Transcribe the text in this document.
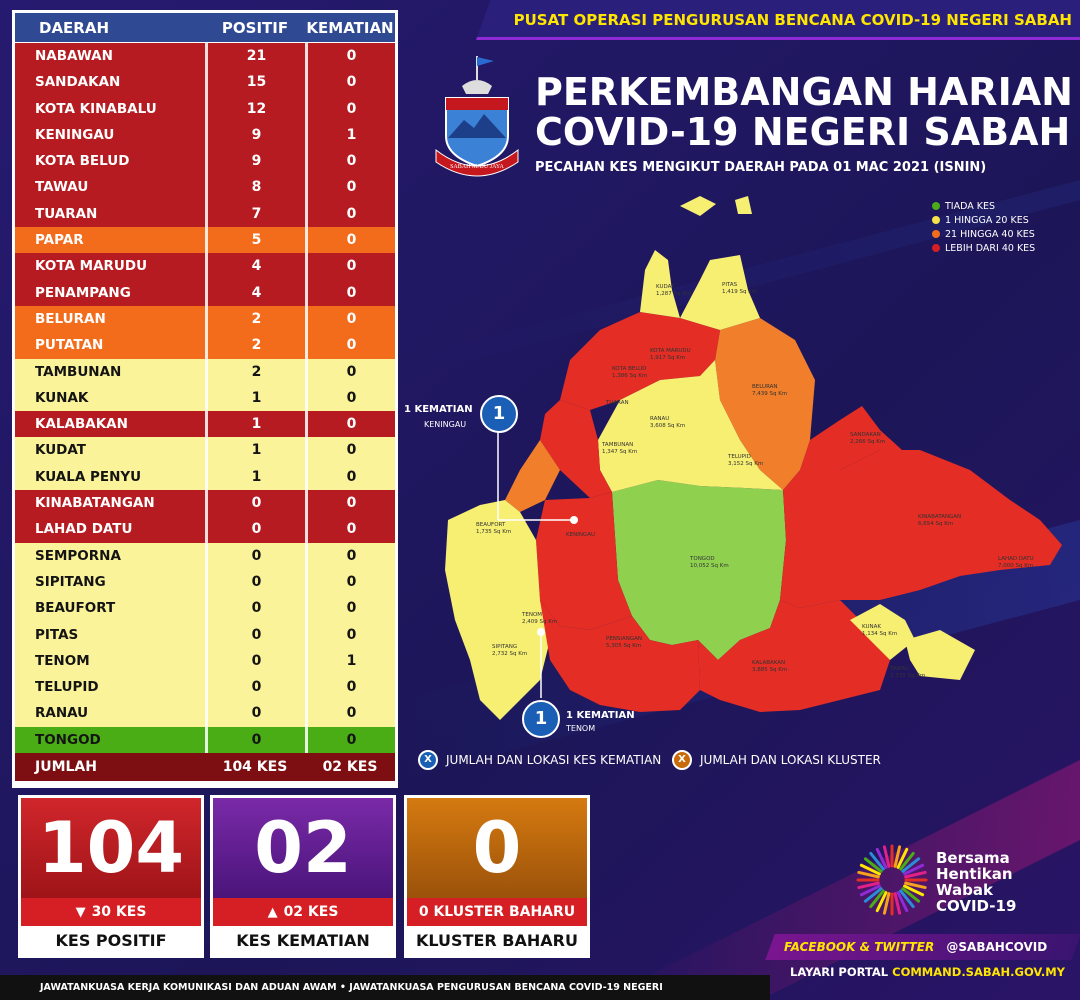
DAERAH	POSITIF	KEMATIAN
NABAWAN	21	0
SANDAKAN	15	0
KOTA KINABALU	12	0
KENINGAU	9	1
KOTA BELUD	9	0
TAWAU	8	0
TUARAN	7	0
PAPAR	5	0
KOTA MARUDU	4	0
PENAMPANG	4	0
BELURAN	2	0
PUTATAN	2	0
TAMBUNAN	2	0
KUNAK	1	0
KALABAKAN	1	0
KUDAT	1	0
KUALA PENYU	1	0
KINABATANGAN	0	0
LAHAD DATU	0	0
SEMPORNA	0	0
SIPITANG	0	0
BEAUFORT	0	0
PITAS	0	0
TENOM	0	1
TELUPID	0	0
RANAU	0	0
TONGOD	0	0
JUMLAH	104 KES	02 KES
PUSAT OPERASI PENGURUSAN BENCANA COVID-19 NEGERI SABAH
SABAH MAJU JAYA
PERKEMBANGAN HARIAN
COVID-19 NEGERI SABAH
PECAHAN KES MENGIKUT DAERAH PADA 01 MAC 2021 (ISNIN)
KUDAT
1,287 Sq Km
PITAS
1,419 Sq Km
KOTA MARUDU
1,917 Sq Km
KOTA BELUD
1,386 Sq Km
TUARAN
RANAU
3,608 Sq Km
BELURAN
7,439 Sq Km
SANDAKAN
2,266 Sq Km
TAMBUNAN
1,347 Sq Km
TELUPID
3,152 Sq Km
KINABATANGAN
6,654 Sq Km
BEAUFORT
1,735 Sq Km	KENINGAU
TONGOD
10,052 Sq Km
LAHAD DATU
7,000 Sq Km
TENOM
2,409 Sq Km
SIPITANG
2,732 Sq Km
PENSIANGAN
5,305 Sq Km
KALABAKAN
3,885 Sq Km
KUNAK
1,134 Sq Km
TAWAU
2,335 Sq Km
TIADA KES
1 HINGGA 20 KES
21 HINGGA 40 KES
LEBIH DARI 40 KES
1
1 KEMATIAN
KENINGAU
1	1 KEMATIAN
TENOM
X	JUMLAH DAN LOKASI KES KEMATIAN	X	JUMLAH DAN LOKASI KLUSTER
104
▼ 30 KES
KES POSITIF
02
▲ 02 KES
KES KEMATIAN
0
0 KLUSTER BAHARU
KLUSTER BAHARU
Bersama
Hentikan
Wabak
COVID-19
FACEBOOK & TWITTER @SABAHCOVID
LAYARI PORTAL COMMAND.SABAH.GOV.MY
JAWATANKUASA KERJA KOMUNIKASI DAN ADUAN AWAM • JAWATANKUASA PENGURUSAN BENCANA COVID-19 NEGERI
